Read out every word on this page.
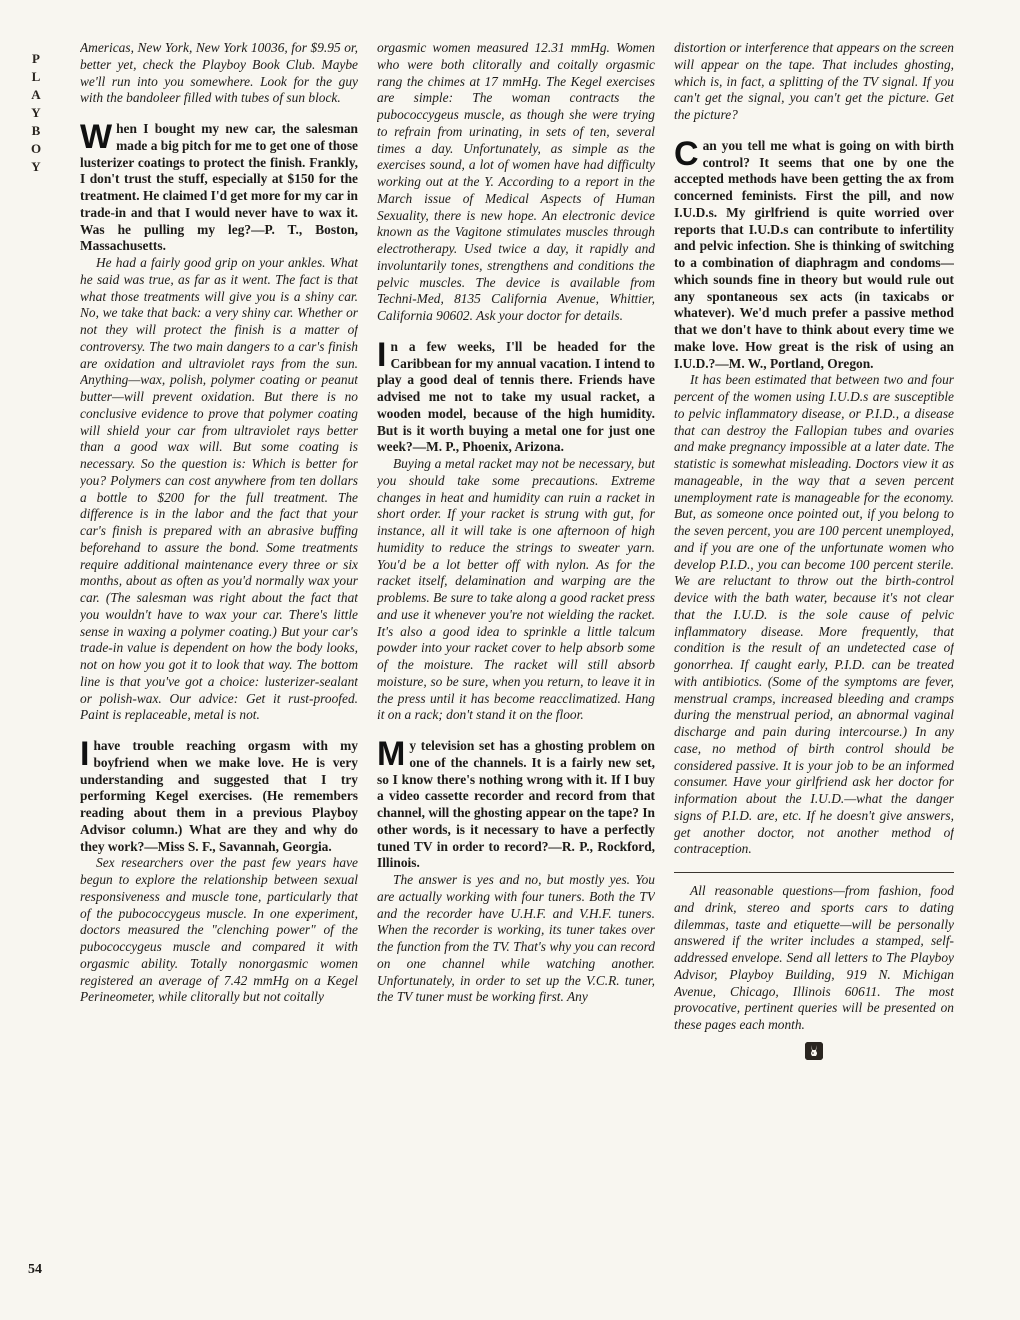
P
L
A
Y
B
O
Y
54

Americas, New York, New York 10036, for $9.95 or, better yet, check the Playboy Book Club. Maybe we'll run into you somewhere. Look for the guy with the bandoleer filled with tubes of sun block.

When I bought my new car, the salesman made a big pitch for me to get one of those lusterizer coatings to protect the finish. Frankly, I don't trust the stuff, especially at $150 for the treatment. He claimed I'd get more for my car in trade-in and that I would never have to wax it. Was he pulling my leg?—P. T., Boston, Massachusetts.

He had a fairly good grip on your ankles. What he said was true, as far as it went. The fact is that what those treatments will give you is a shiny car. No, we take that back: a very shiny car. Whether or not they will protect the finish is a matter of controversy. The two main dangers to a car's finish are oxidation and ultraviolet rays from the sun. Anything—wax, polish, polymer coating or peanut butter—will prevent oxidation. But there is no conclusive evidence to prove that polymer coating will shield your car from ultraviolet rays better than a good wax will. But some coating is necessary. So the question is: Which is better for you? Polymers can cost anywhere from ten dollars a bottle to $200 for the full treatment. The difference is in the labor and the fact that your car's finish is prepared with an abrasive buffing beforehand to assure the bond. Some treatments require additional maintenance every three or six months, about as often as you'd normally wax your car. (The salesman was right about the fact that you wouldn't have to wax your car. There's little sense in waxing a polymer coating.) But your car's trade-in value is dependent on how the body looks, not on how you got it to look that way. The bottom line is that you've got a choice: lusterizer-sealant or polish-wax. Our advice: Get it rust-proofed. Paint is replaceable, metal is not.

I have trouble reaching orgasm with my boyfriend when we make love. He is very understanding and suggested that I try performing Kegel exercises. (He remembers reading about them in a previous Playboy Advisor column.) What are they and why do they work?—Miss S. F., Savannah, Georgia.

Sex researchers over the past few years have begun to explore the relationship between sexual responsiveness and muscle tone, particularly that of the pubococcygeus muscle. In one experiment, doctors measured the "clenching power" of the pubococcygeus muscle and compared it with orgasmic ability. Totally nonorgasmic women registered an average of 7.42 mmHg on a Kegel Perineometer, while clitorally but not coitally

orgasmic women measured 12.31 mmHg. Women who were both clitorally and coitally orgasmic rang the chimes at 17 mmHg. The Kegel exercises are simple: The woman contracts the pubococcygeus muscle, as though she were trying to refrain from urinating, in sets of ten, several times a day. Unfortunately, as simple as the exercises sound, a lot of women have had difficulty working out at the Y. According to a report in the March issue of Medical Aspects of Human Sexuality, there is new hope. An electronic device known as the Vagitone stimulates muscles through electrotherapy. Used twice a day, it rapidly and involuntarily tones, strengthens and conditions the pelvic muscles. The device is available from Techni-Med, 8135 California Avenue, Whittier, California 90602. Ask your doctor for details.

In a few weeks, I'll be headed for the Caribbean for my annual vacation. I intend to play a good deal of tennis there. Friends have advised me not to take my usual racket, a wooden model, because of the high humidity. But is it worth buying a metal one for just one week?—M. P., Phoenix, Arizona.

Buying a metal racket may not be necessary, but you should take some precautions. Extreme changes in heat and humidity can ruin a racket in short order. If your racket is strung with gut, for instance, all it will take is one afternoon of high humidity to reduce the strings to sweater yarn. You'd be a lot better off with nylon. As for the racket itself, delamination and warping are the problems. Be sure to take along a good racket press and use it whenever you're not wielding the racket. It's also a good idea to sprinkle a little talcum powder into your racket cover to help absorb some of the moisture. The racket will still absorb moisture, so be sure, when you return, to leave it in the press until it has become reacclimatized. Hang it on a rack; don't stand it on the floor.

My television set has a ghosting problem on one of the channels. It is a fairly new set, so I know there's nothing wrong with it. If I buy a video cassette recorder and record from that channel, will the ghosting appear on the tape? In other words, is it necessary to have a perfectly tuned TV in order to record?—R. P., Rockford, Illinois.

The answer is yes and no, but mostly yes. You are actually working with four tuners. Both the TV and the recorder have U.H.F. and V.H.F. tuners. When the recorder is working, its tuner takes over the function from the TV. That's why you can record on one channel while watching another. Unfortunately, in order to set up the V.C.R. tuner, the TV tuner must be working first. Any

distortion or interference that appears on the screen will appear on the tape. That includes ghosting, which is, in fact, a splitting of the TV signal. If you can't get the signal, you can't get the picture. Get the picture?

Can you tell me what is going on with birth control? It seems that one by one the accepted methods have been getting the ax from concerned feminists. First the pill, and now I.U.D.s. My girlfriend is quite worried over reports that I.U.D.s can contribute to infertility and pelvic infection. She is thinking of switching to a combination of diaphragm and condoms—which sounds fine in theory but would rule out any spontaneous sex acts (in taxicabs or whatever). We'd much prefer a passive method that we don't have to think about every time we make love. How great is the risk of using an I.U.D.?—M. W., Portland, Oregon.

It has been estimated that between two and four percent of the women using I.U.D.s are susceptible to pelvic inflammatory disease, or P.I.D., a disease that can destroy the Fallopian tubes and ovaries and make pregnancy impossible at a later date. The statistic is somewhat misleading. Doctors view it as manageable, in the way that a seven percent unemployment rate is manageable for the economy. But, as someone once pointed out, if you belong to the seven percent, you are 100 percent unemployed, and if you are one of the unfortunate women who develop P.I.D., you can become 100 percent sterile. We are reluctant to throw out the birth-control device with the bath water, because it's not clear that the I.U.D. is the sole cause of pelvic inflammatory disease. More frequently, that condition is the result of an undetected case of gonorrhea. If caught early, P.I.D. can be treated with antibiotics. (Some of the symptoms are fever, menstrual cramps, increased bleeding and cramps during the menstrual period, an abnormal vaginal discharge and pain during intercourse.) In any case, no method of birth control should be considered passive. It is your job to be an informed consumer. Have your girlfriend ask her doctor for information about the I.U.D.—what the danger signs of P.I.D. are, etc. If he doesn't give answers, get another doctor, not another method of contraception.

All reasonable questions—from fashion, food and drink, stereo and sports cars to dating dilemmas, taste and etiquette—will be personally answered if the writer includes a stamped, self-addressed envelope. Send all letters to The Playboy Advisor, Playboy Building, 919 N. Michigan Avenue, Chicago, Illinois 60611. The most provocative, pertinent queries will be presented on these pages each month.
